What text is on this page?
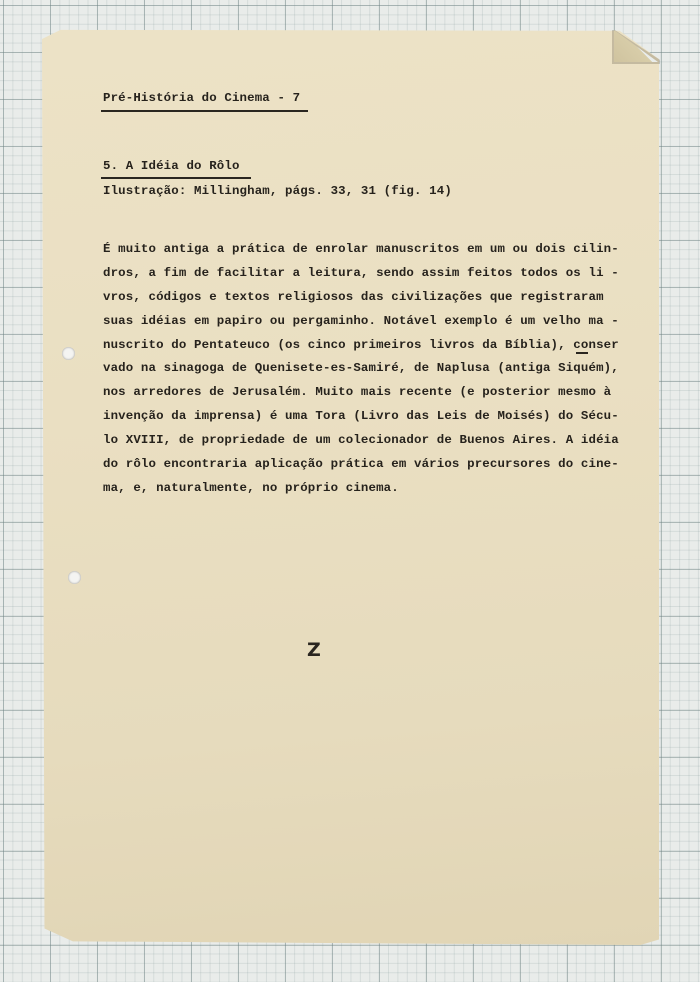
Pré-História do Cinema - 7

5. A Idéia do Rôlo

Ilustração: Millingham, págs. 33, 31 (fig. 14)

É muito antiga a prática de enrolar manuscritos em um ou dois cilin-

dros, a fim de facilitar a leitura, sendo assim feitos todos os li -

vros, códigos e textos religiosos das civilizações que registraram

suas idéias em papiro ou pergaminho. Notável exemplo é um velho ma -

nuscrito do Pentateuco (os cinco primeiros livros da Bíblia), conser

vado na sinagoga de Quenisete-es-Samiré, de Naplusa (antiga Siquém),

nos arredores de Jerusalém. Muito mais recente (e posterior mesmo à

invenção da imprensa) é uma Tora (Livro das Leis de Moisés) do Sécu-

lo XVIII, de propriedade de um colecionador de Buenos Aires. A idéia

do rôlo encontraria aplicação prática em vários precursores do cine-

ma, e, naturalmente, no próprio cinema.

Z
